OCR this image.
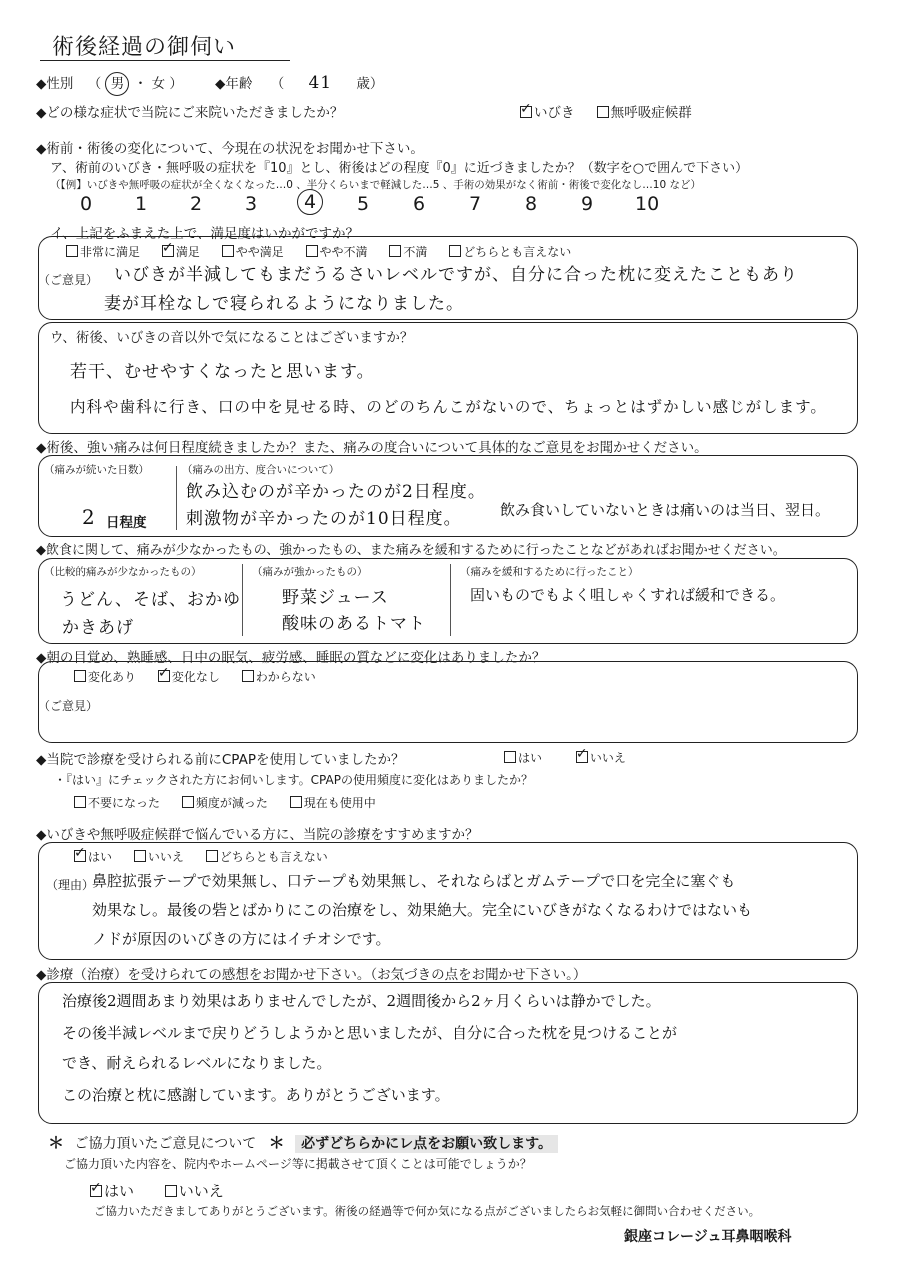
術後経過の御伺い
◆性別 （ 男 ・ 女 ） ◆年齢 （ 41 歳）
◆どの様な症状で当院にご来院いただきましたか？ ✓	いびき	無呼吸症候群
◆術前・術後の変化について、今現在の状況をお聞かせ下さい。
ア、術前のいびき・無呼吸の症状を『10』とし、術後はどの程度『0』に近づきましたか？（数字を○で囲んで下さい）
（【例】いびきや無呼吸の症状が全くなくなった…0 、半分くらいまで軽減した…5 、手術の効果がなく術前・術後で変化なし…10 など）
0 1 2 3	4	5 6 7 8 9 10
イ、上記をふまえた上で、満足度はいかがですか？
非常に満足 ✓	満足	やや満足	やや不満	不満	どちらとも言えない
（ご意見） いびきが半減してもまだうるさいレベルですが、自分に合った枕に変えたこともあり
妻が耳栓なしで寝られるようになりました。
ウ、術後、いびきの音以外で気になることはございますか？
若干、むせやすくなったと思います。
内科や歯科に行き、口の中を見せる時、のどのちんこがないので、ちょっとはずかしい感じがします。
◆術後、強い痛みは何日程度続きましたか？また、痛みの度合いについて具体的なご意見をお聞かせください。
（痛みが続いた日数）
2 日程度
（痛みの出方、度合いについて）
飲み込むのが辛かったのが2日程度。
刺激物が辛かったのが10日程度。	飲み食いしていないときは痛いのは当日、翌日。
◆飲食に関して、痛みが少なかったもの、強かったもの、また痛みを緩和するために行ったことなどがあればお聞かせください。
（比較的痛みが少なかったもの）
うどん、そば、おかゆ
かきあげ
（痛みが強かったもの）
野菜ジュース
酸味のあるトマト
（痛みを緩和するために行ったこと）
固いものでもよく咀しゃくすれば緩和できる。
◆朝の目覚め、熟睡感、日中の眠気、疲労感、睡眠の質などに変化はありましたか？
変化あり ✓	変化なし	わからない
（ご意見）
◆当院で診療を受けられる前にCPAPを使用していましたか？	はい ✓	いいえ
・『はい』にチェックされた方にお伺いします。CPAPの使用頻度に変化はありましたか？
不要になった	頻度が減った	現在も使用中
◆いびきや無呼吸症候群で悩んでいる方に、当院の診療をすすめますか？
✓はい	いいえ	どちらとも言えない
（理由）
鼻腔拡張テープで効果無し、口テープも効果無し、それならばとガムテープで口を完全に塞ぐも
効果なし。最後の砦とばかりにこの治療をし、効果絶大。完全にいびきがなくなるわけではないも
ノドが原因のいびきの方にはイチオシです。
◆診療（治療）を受けられての感想をお聞かせ下さい。（お気づきの点をお聞かせ下さい。）
治療後2週間あまり効果はありませんでしたが、2週間後から2ヶ月くらいは静かでした。
その後半減レベルまで戻りどうしようかと思いましたが、自分に合った枕を見つけることが
でき、耐えられるレベルになりました。
この治療と枕に感謝しています。ありがとうございます。
＊ ご協力頂いたご意見について ＊ 必ずどちらかにレ点をお願い致します。
ご協力頂いた内容を、院内やホームページ等に掲載させて頂くことは可能でしょうか？
✓はい	いいえ
ご協力いただきましてありがとうございます。術後の経過等で何か気になる点がございましたらお気軽に御問い合わせください。
銀座コレージュ耳鼻咽喉科
